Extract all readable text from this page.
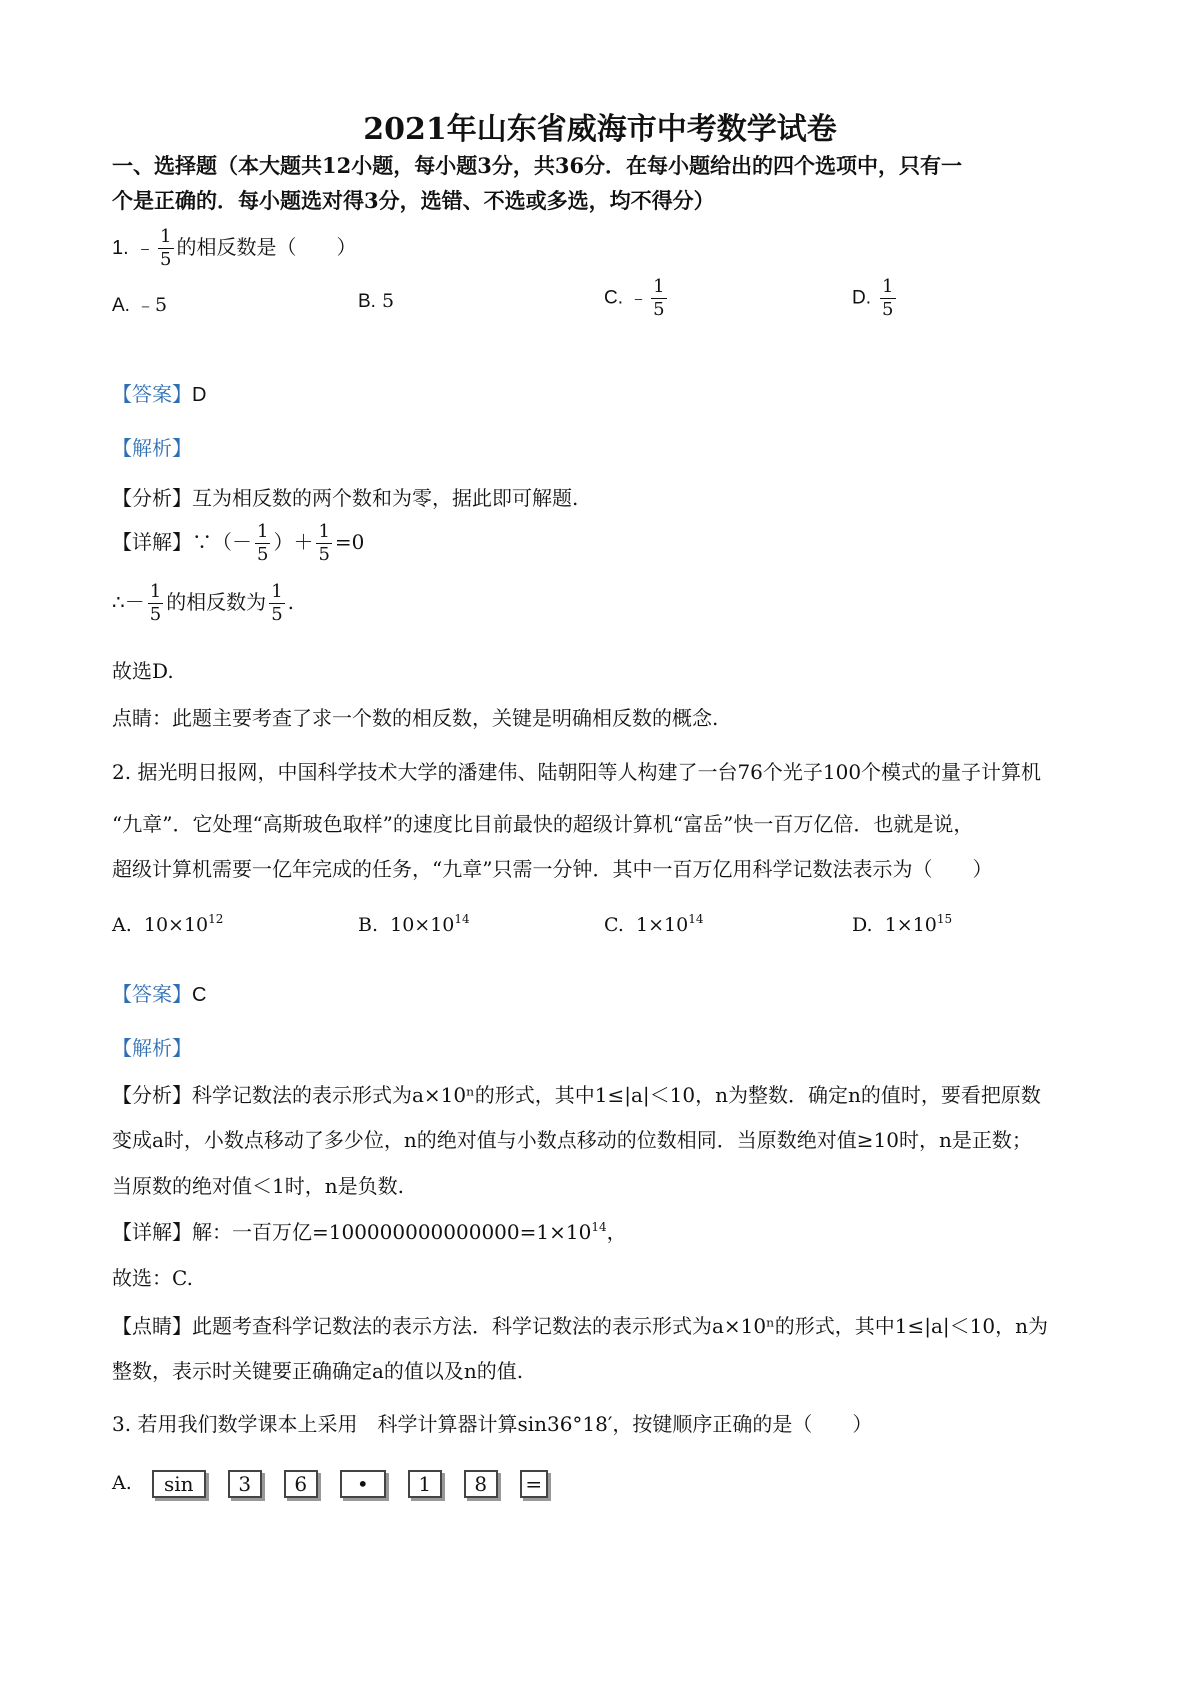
2021年山东省威海市中考数学试卷
一、选择题（本大题共12小题，每小题3分，共36分．在每小题给出的四个选项中，只有一
个是正确的．每小题选对得3分，选错、不选或多选，均不得分）
1. ﹣ $\frac{1}{5}$ 的相反数是（　　）
A. ﹣5	B. 5	C. ﹣ $\frac{1}{5}$	D. $\frac{1}{5}$
【答案】D
【解析】
【分析】互为相反数的两个数和为零，据此即可解题.
【详解】∵（－ $\frac{1}{5}$ ）＋ $\frac{1}{5} =0$
∴－ $\frac{1}{5}$ 的相反数为 $\frac{1}{5}$ .
故选D.
点睛：此题主要考查了求一个数的相反数，关键是明确相反数的概念.
2. 据光明日报网，中国科学技术大学的潘建伟、陆朝阳等人构建了一台76个光子100个模式的量子计算机
“九章”．它处理“高斯玻色取样”的速度比目前最快的超级计算机“富岳”快一百万亿倍．也就是说，
超级计算机需要一亿年完成的任务，“九章”只需一分钟．其中一百万亿用科学记数法表示为（　　）
A. $10\times 10^{12}$	B. $10\times 10^{14}$	C. $1\times 10^{14}$	D. $1\times 10^{15}$
【答案】C
【解析】
【分析】科学记数法的表示形式为a×10ⁿ的形式，其中1≤|a|＜10，n为整数．确定n的值时，要看把原数
变成a时，小数点移动了多少位，n的绝对值与小数点移动的位数相同．当原数绝对值≥10时，n是正数；
当原数的绝对值＜1时，n是负数.
【详解】解：一百万亿$=100000000000000=1\times 10^{14}$，
故选：C.
【点睛】此题考查科学记数法的表示方法．科学记数法的表示形式为a×10ⁿ的形式，其中1≤|a|＜10，n为
整数，表示时关键要正确确定a的值以及n的值.
3. 若用我们数学课本上采用　科学计算器计算sin36°18′，按键顺序正确的是（　　）
A. sin 3 6 • 1 8 =
